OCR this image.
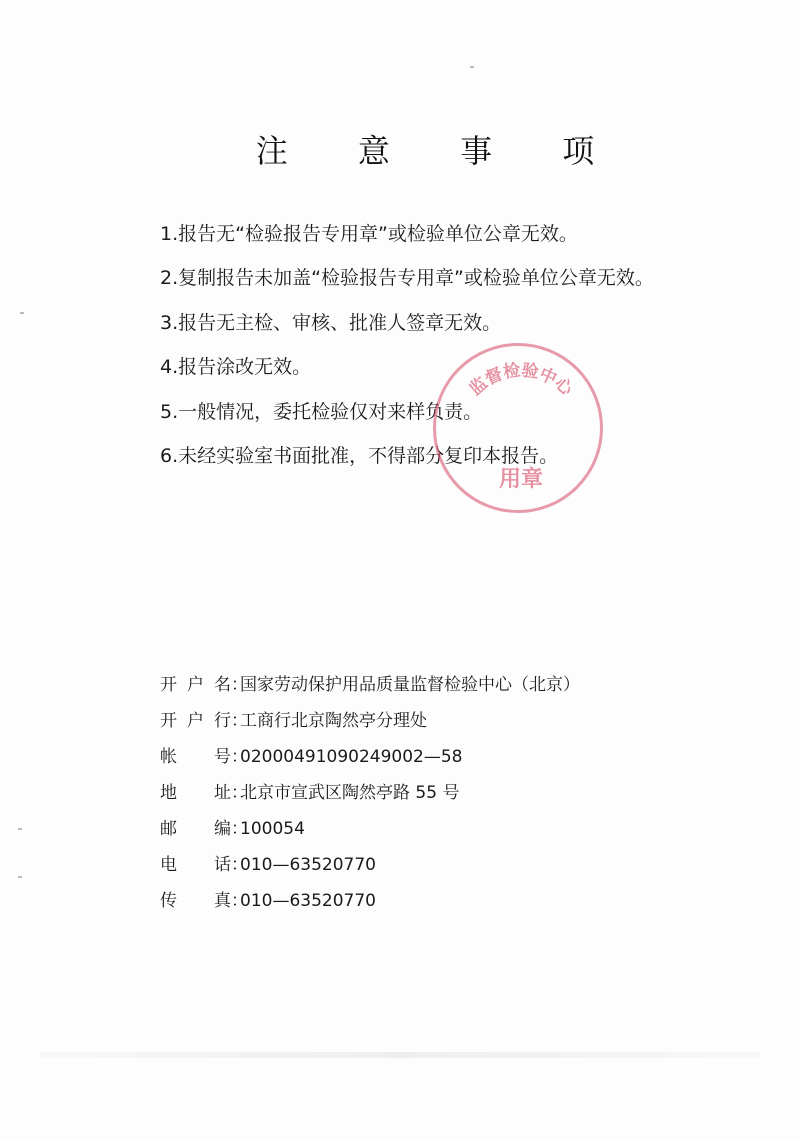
注 意 事 项
1.报告无“检验报告专用章”或检验单位公章无效。
2.复制报告未加盖“检验报告专用章”或检验单位公章无效。
3.报告无主检、审核、批准人签章无效。
4.报告涂改无效。
5.一般情况，委托检验仅对来样负责。
6.未经实验室书面批准，不得部分复印本报告。
监督检验中心
用章
开 户 名：
国家劳动保护用品质量监督检验中心（北京）
开 户 行：
工商行北京陶然亭分理处
帐 号：
02000491090249002—58
地 址：
北京市宣武区陶然亭路 55 号
邮 编：
100054
电 话：
010—63520770
传 真：
010—63520770
